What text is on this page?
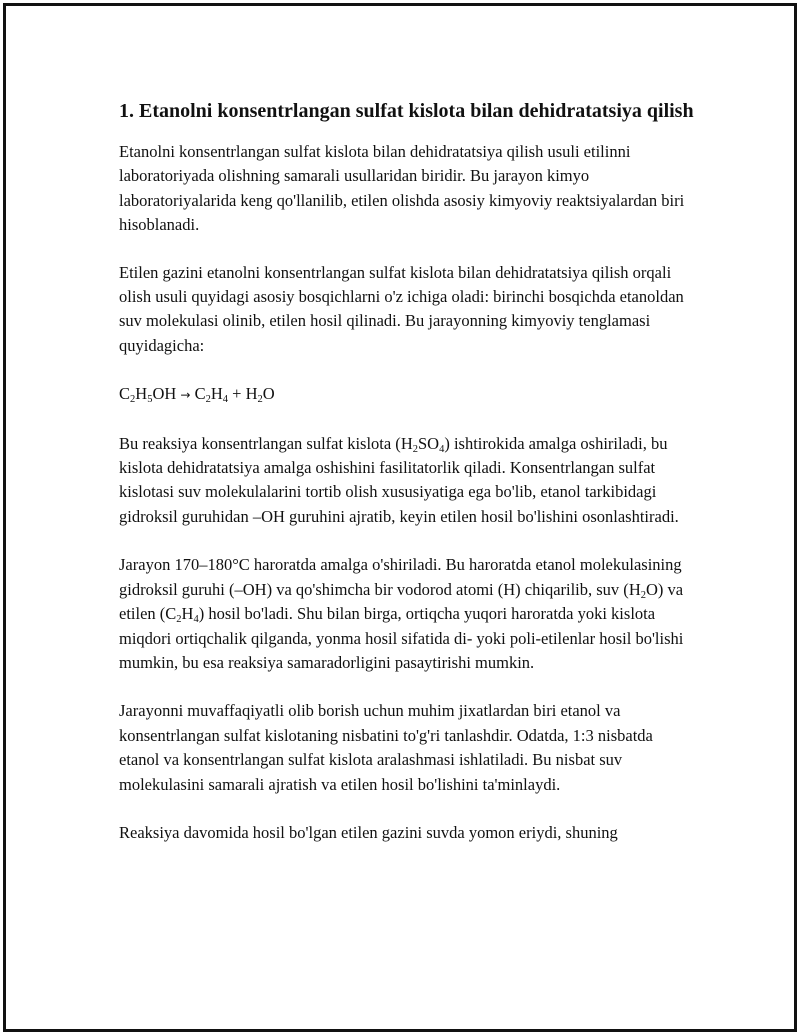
1. Etanolni konsentrlangan sulfat kislota bilan dehidratatsiya qilish

Etanolni konsentrlangan sulfat kislota bilan dehidratatsiya qilish usuli etilinni laboratoriyada olishning samarali usullaridan biridir. Bu jarayon kimyo laboratoriyalarida keng qo'llanilib, etilen olishda asosiy kimyoviy reaktsiyalardan biri hisoblanadi.

Etilen gazini etanolni konsentrlangan sulfat kislota bilan dehidratatsiya qilish orqali olish usuli quyidagi asosiy bosqichlarni o'z ichiga oladi: birinchi bosqichda etanoldan suv molekulasi olinib, etilen hosil qilinadi. Bu jarayonning kimyoviy tenglamasi quyidagicha:

$C_2H_5OH \to C_2H_4 + H_2O$

Bu reaksiya konsentrlangan sulfat kislota $(H_2SO_4)$ ishtirokida amalga oshiriladi, bu kislota dehidratatsiya amalga oshishini fasilitatorlik qiladi. Konsentrlangan sulfat kislotasi suv molekulalarini tortib olish xususiyatiga ega bo'lib, etanol tarkibidagi gidroksil guruhidan –OH guruhini ajratib, keyin etilen hosil bo'lishini osonlashtiradi.

Jarayon 170–180°C haroratda amalga o'shiriladi. Bu haroratda etanol molekulasining gidroksil guruhi (–OH) va qo'shimcha bir vodorod atomi (H) chiqarilib, suv $(H_2O)$ va etilen $(C_2H_4)$ hosil bo'ladi. Shu bilan birga, ortiqcha yuqori haroratda yoki kislota miqdori ortiqchalik qilganda, yonma hosil sifatida di- yoki poli-etilenlar hosil bo'lishi mumkin, bu esa reaksiya samaradorligini pasaytirishi mumkin.

Jarayonni muvaffaqiyatli olib borish uchun muhim jixatlardan biri etanol va konsentrlangan sulfat kislotaning nisbatini to'g'ri tanlashdir. Odatda, 1:3 nisbatda etanol va konsentrlangan sulfat kislota aralashmasi ishlatiladi. Bu nisbat suv molekulasini samarali ajratish va etilen hosil bo'lishini ta'minlaydi.

Reaksiya davomida hosil bo'lgan etilen gazini suvda yomon eriydi, shuning
